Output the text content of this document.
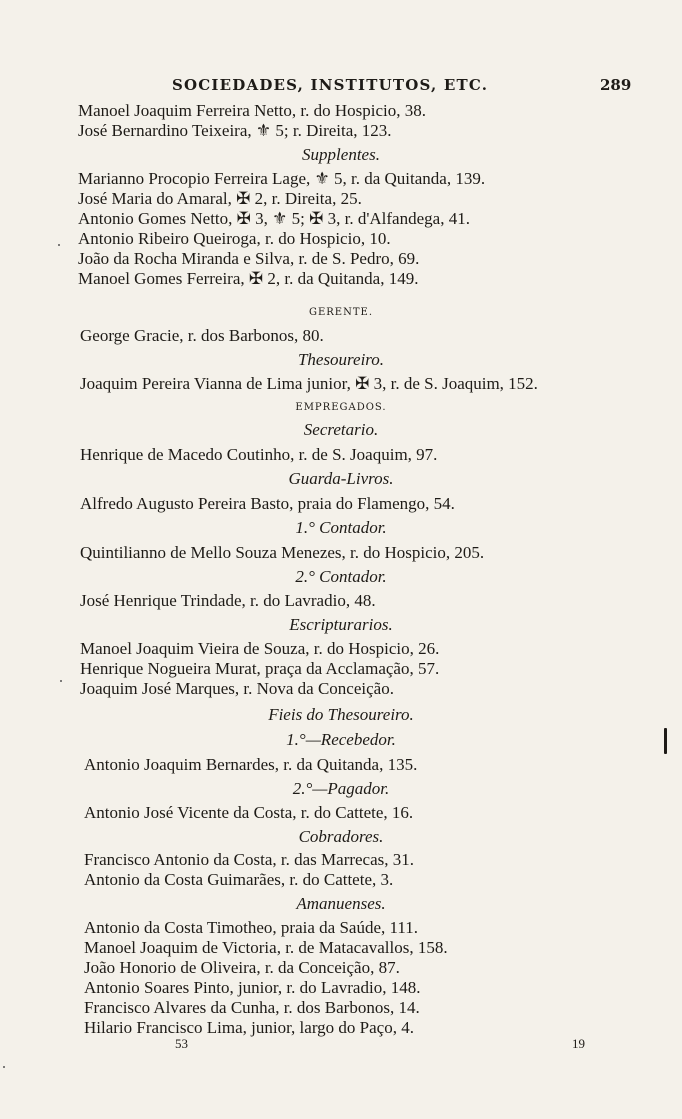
SOCIEDADES, INSTITUTOS, ETC.	289
Manoel Joaquim Ferreira Netto, r. do Hospicio, 38.
José Bernardino Teixeira, ⚜ 5; r. Direita, 123.
Supplentes.
Marianno Procopio Ferreira Lage, ⚜ 5, r. da Quitanda, 139.
José Maria do Amaral, ✠ 2, r. Direita, 25.
Antonio Gomes Netto, ✠ 3, ⚜ 5; ✠ 3, r. d'Alfandega, 41.
Antonio Ribeiro Queiroga, r. do Hospicio, 10.
João da Rocha Miranda e Silva, r. de S. Pedro, 69.
Manoel Gomes Ferreira, ✠ 2, r. da Quitanda, 149.
GERENTE.
George Gracie, r. dos Barbonos, 80.
Thesoureiro.
Joaquim Pereira Vianna de Lima junior, ✠ 3, r. de S. Joaquim, 152.
EMPREGADOS.
Secretario.
Henrique de Macedo Coutinho, r. de S. Joaquim, 97.
Guarda-Livros.
Alfredo Augusto Pereira Basto, praia do Flamengo, 54.
1.° Contador.
Quintilianno de Mello Souza Menezes, r. do Hospicio, 205.
2.° Contador.
José Henrique Trindade, r. do Lavradio, 48.
Escripturarios.
Manoel Joaquim Vieira de Souza, r. do Hospicio, 26.
Henrique Nogueira Murat, praça da Acclamação, 57.
Joaquim José Marques, r. Nova da Conceição.
Fieis do Thesoureiro.
1.°—Recebedor.
Antonio Joaquim Bernardes, r. da Quitanda, 135.
2.°—Pagador.
Antonio José Vicente da Costa, r. do Cattete, 16.
Cobradores.
Francisco Antonio da Costa, r. das Marrecas, 31.
Antonio da Costa Guimarães, r. do Cattete, 3.
Amanuenses.
Antonio da Costa Timotheo, praia da Saúde, 111.
Manoel Joaquim de Victoria, r. de Matacavallos, 158.
João Honorio de Oliveira, r. da Conceição, 87.
Antonio Soares Pinto, junior, r. do Lavradio, 148.
Francisco Alvares da Cunha, r. dos Barbonos, 14.
Hilario Francisco Lima, junior, largo do Paço, 4.
53	19
